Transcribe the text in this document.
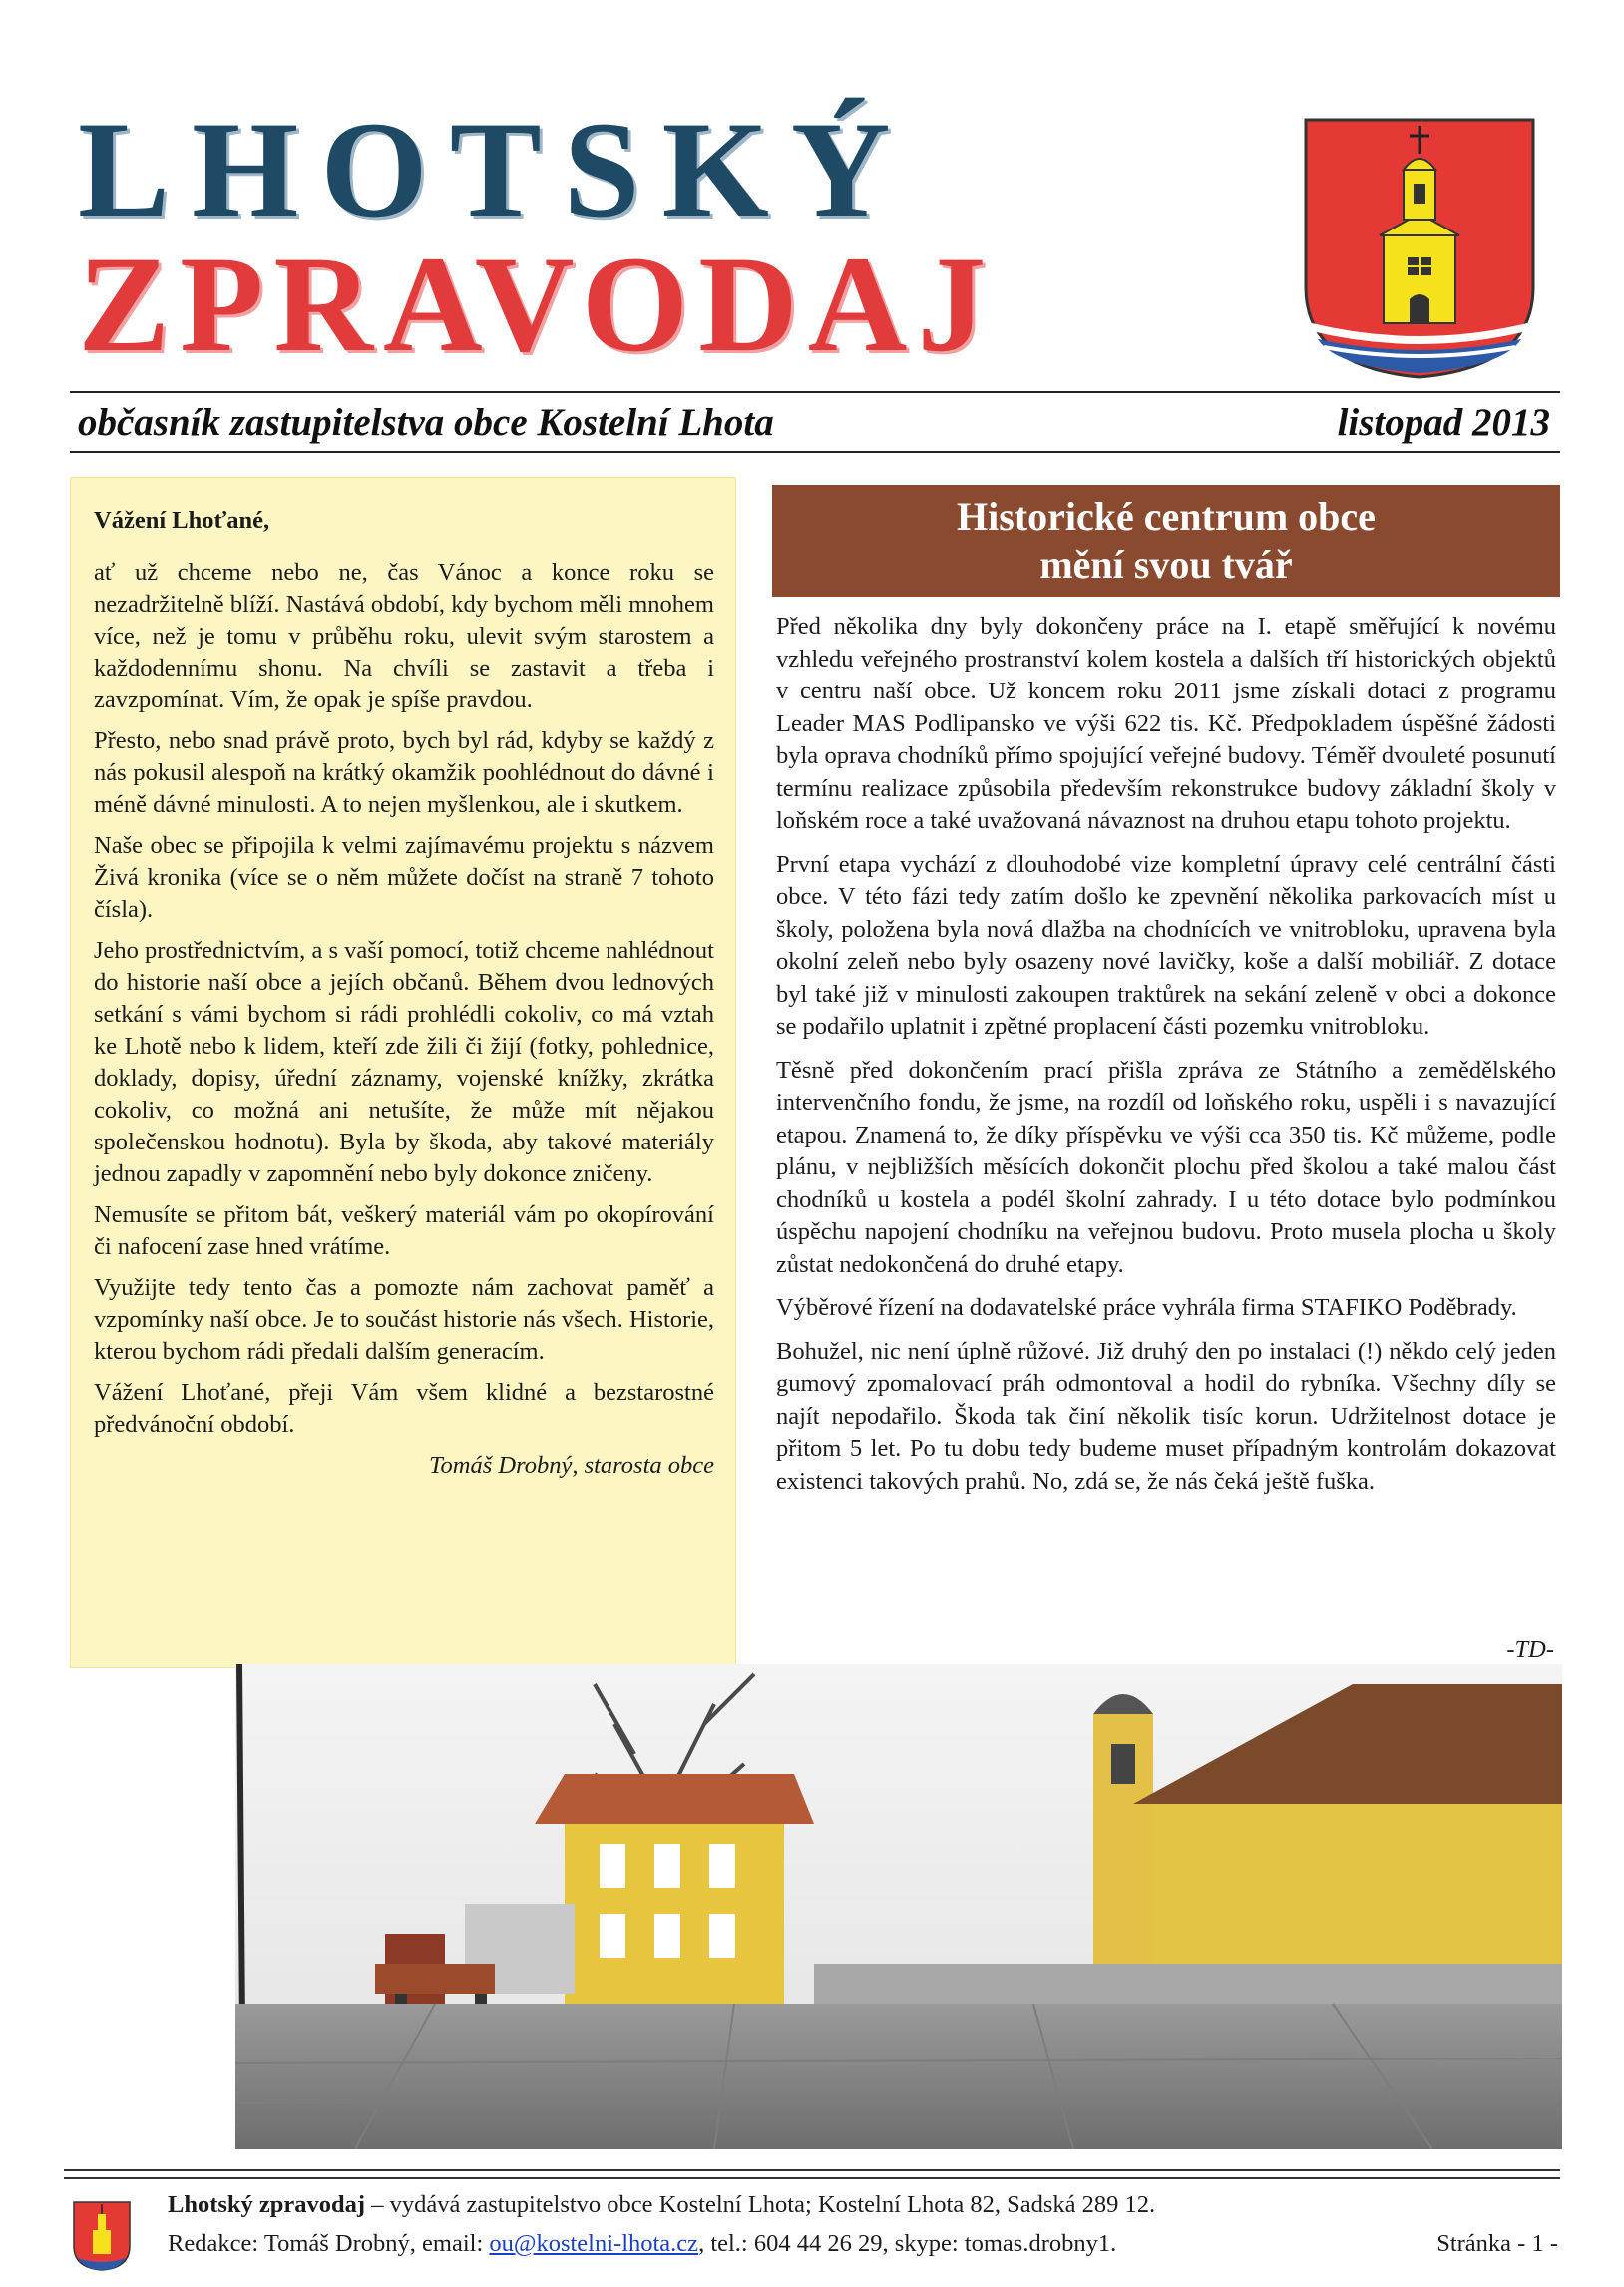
LHOTSKÝ
ZPRAVODAJ

občasník zastupitelstva obce Kostelní Lhota	listopad 2013

Vážení Lhoťané,

ať už chceme nebo ne, čas Vánoc a konce roku se nezadržitelně blíží. Nastává období, kdy bychom měli mnohem více, než je tomu v průběhu roku, ulevit svým starostem a každodennímu shonu. Na chvíli se zastavit a třeba i zavzpomínat. Vím, že opak je spíše pravdou.

Přesto, nebo snad právě proto, bych byl rád, kdyby se každý z nás pokusil alespoň na krátký okamžik poohlédnout do dávné i méně dávné minulosti. A to nejen myšlenkou, ale i skutkem.

Naše obec se připojila k velmi zajímavému projektu s názvem Živá kronika (více se o něm můžete dočíst na straně 7 tohoto čísla).

Jeho prostřednictvím, a s vaší pomocí, totiž chceme nahlédnout do historie naší obce a jejích občanů. Během dvou lednových setkání s vámi bychom si rádi prohlédli cokoliv, co má vztah ke Lhotě nebo k lidem, kteří zde žili či žijí (fotky, pohlednice, doklady, dopisy, úřední záznamy, vojenské knížky, zkrátka cokoliv, co možná ani netušíte, že může mít nějakou společenskou hodnotu). Byla by škoda, aby takové materiály jednou zapadly v zapomnění nebo byly dokonce zničeny.

Nemusíte se přitom bát, veškerý materiál vám po okopírování či nafocení zase hned vrátíme.

Využijte tedy tento čas a pomozte nám zachovat paměť a vzpomínky naší obce. Je to součást historie nás všech. Historie, kterou bychom rádi předali dalším generacím.

Vážení Lhoťané, přeji Vám všem klidné a bezstarostné předvánoční období.

Tomáš Drobný, starosta obce

Historické centrum obce
mění svou tvář

Před několika dny byly dokončeny práce na I. etapě směřující k novému vzhledu veřejného prostranství kolem kostela a dalších tří historických objektů v centru naší obce. Už koncem roku 2011 jsme získali dotaci z programu Leader MAS Podlipansko ve výši 622 tis. Kč. Předpokladem úspěšné žádosti byla oprava chodníků přímo spojující veřejné budovy. Téměř dvouleté posunutí termínu realizace způsobila především rekonstrukce budovy základní školy v loňském roce a také uvažovaná návaznost na druhou etapu tohoto projektu.

První etapa vychází z dlouhodobé vize kompletní úpravy celé centrální části obce. V této fázi tedy zatím došlo ke zpevnění několika parkovacích míst u školy, položena byla nová dlažba na chodnících ve vnitrobloku, upravena byla okolní zeleň nebo byly osazeny nové lavičky, koše a další mobiliář. Z dotace byl také již v minulosti zakoupen traktůrek na sekání zeleně v obci a dokonce se podařilo uplatnit i zpětné proplacení části pozemku vnitrobloku.

Těsně před dokončením prací přišla zpráva ze Státního a zemědělského intervenčního fondu, že jsme, na rozdíl od loňského roku, uspěli i s navazující etapou. Znamená to, že díky příspěvku ve výši cca 350 tis. Kč můžeme, podle plánu, v nejbližších měsících dokončit plochu před školou a také malou část chodníků u kostela a podél školní zahrady. I u této dotace bylo podmínkou úspěchu napojení chodníku na veřejnou budovu. Proto musela plocha u školy zůstat nedokončená do druhé etapy.

Výběrové řízení na dodavatelské práce vyhrála firma STAFIKO Poděbrady.

Bohužel, nic není úplně růžové. Již druhý den po instalaci (!) někdo celý jeden gumový zpomalovací práh odmontoval a hodil do rybníka. Všechny díly se najít nepodařilo. Škoda tak činí několik tisíc korun. Udržitelnost dotace je přitom 5 let. Po tu dobu tedy budeme muset případným kontrolám dokazovat existenci takových prahů. No, zdá se, že nás čeká ještě fuška.

-TD-

Lhotský zpravodaj – vydává zastupitelstvo obce Kostelní Lhota; Kostelní Lhota 82, Sadská 289 12.

Redakce: Tomáš Drobný, email: ou@kostelni-lhota.cz, tel.: 604 44 26 29, skype: tomas.drobny1.	Stránka - 1 -
